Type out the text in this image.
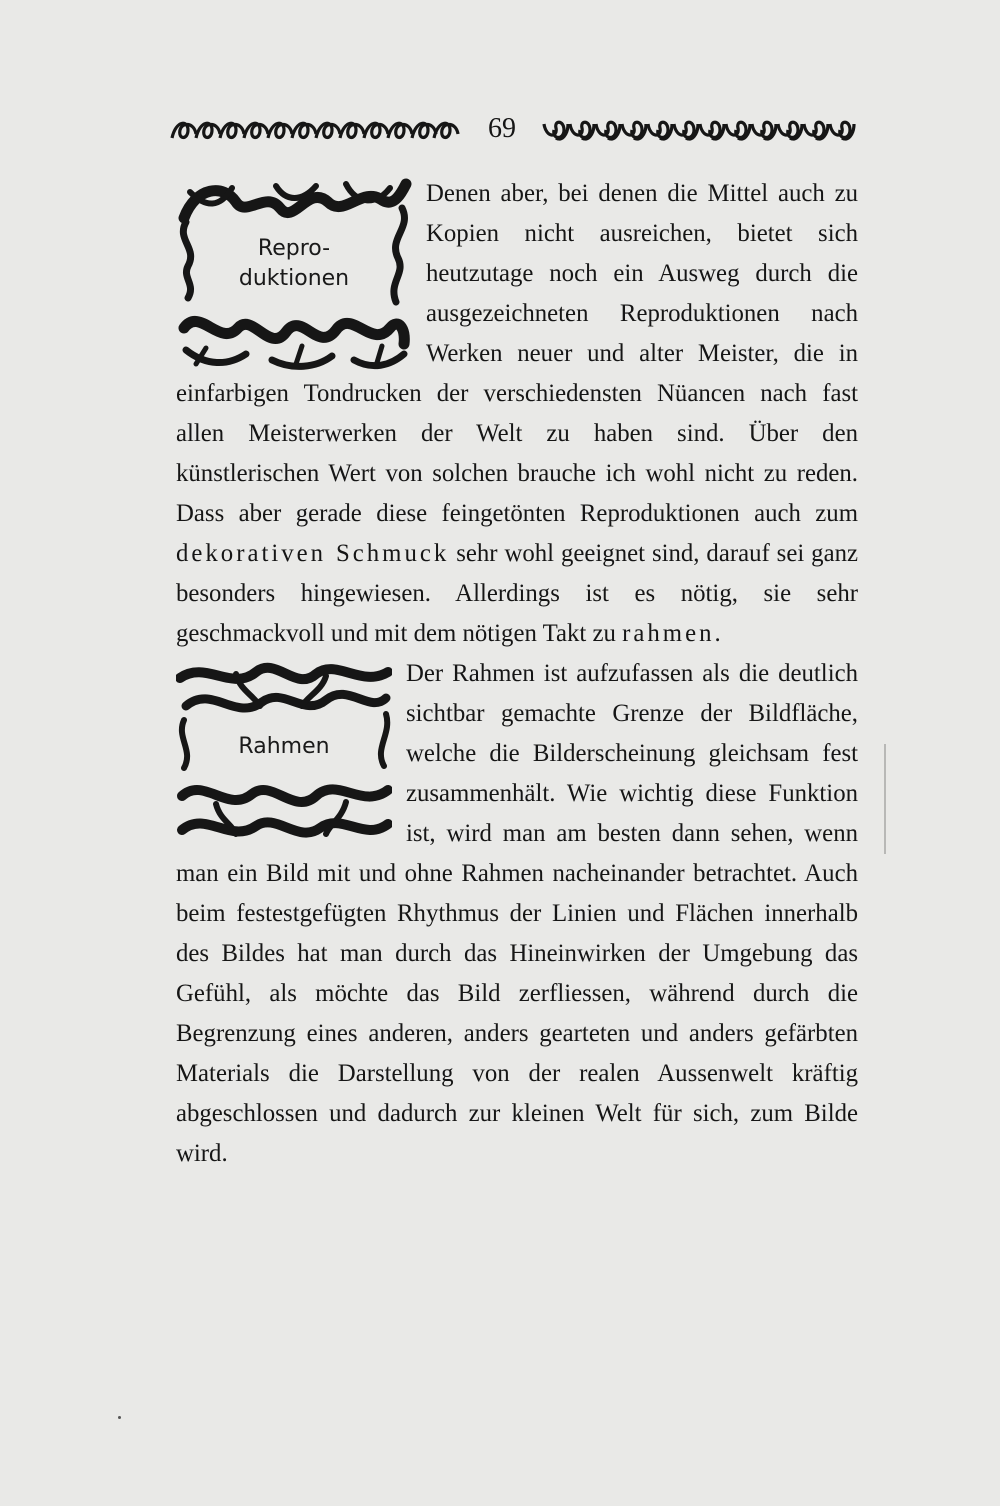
69
Repro-
duktionen

Denen aber, bei denen die Mittel auch zu Kopien nicht ausreichen, bietet sich heutzutage noch ein Ausweg durch die ausgezeichneten Reproduktionen nach Werken neuer und alter Meister, die in einfarbigen Tondrucken der verschiedensten Nüancen nach fast allen Meisterwerken der Welt zu haben sind. Über den künstlerischen Wert von solchen brauche ich wohl nicht zu reden. Dass aber gerade diese feingetönten Reproduktionen auch zum dekorativen Schmuck sehr wohl geeignet sind, darauf sei ganz besonders hingewiesen. Allerdings ist es nötig, sie sehr geschmackvoll und mit dem nötigen Takt zu rahmen.

Rahmen

Der Rahmen ist aufzufassen als die deutlich sichtbar gemachte Grenze der Bildfläche, welche die Bilderscheinung gleichsam fest zusammenhält. Wie wichtig diese Funktion ist, wird man am besten dann sehen, wenn man ein Bild mit und ohne Rahmen nacheinander betrachtet. Auch beim festestgefügten Rhythmus der Linien und Flächen innerhalb des Bildes hat man durch das Hineinwirken der Umgebung das Gefühl, als möchte das Bild zerfliessen, während durch die Begrenzung eines anderen, anders gearteten und anders gefärbten Materials die Darstellung von der realen Aussenwelt kräftig abgeschlossen und dadurch zur kleinen Welt für sich, zum Bilde wird.
